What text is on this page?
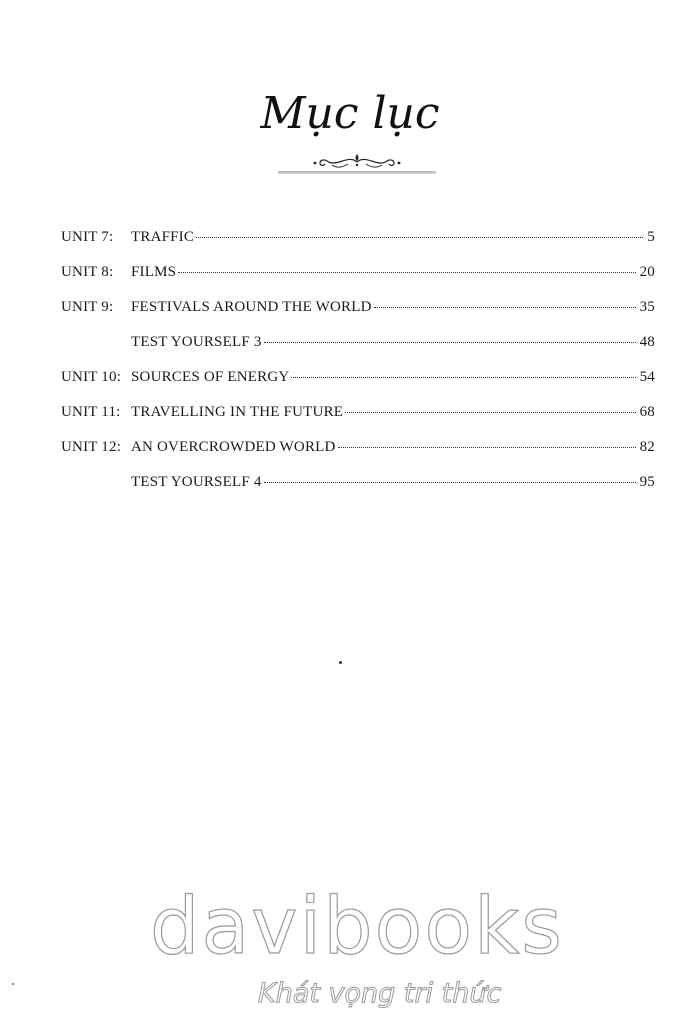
Mục lục
UNIT 7:	TRAFFIC	5
UNIT 8:	FILMS	20
UNIT 9:	FESTIVALS AROUND THE WORLD	35
TEST YOURSELF 3	48
UNIT 10: SOURCES OF ENERGY	54
UNIT 11: TRAVELLING IN THE FUTURE	68
UNIT 12: AN OVERCROWDED WORLD	82
TEST YOURSELF 4	95
davibooks
Khát vọng tri thức
